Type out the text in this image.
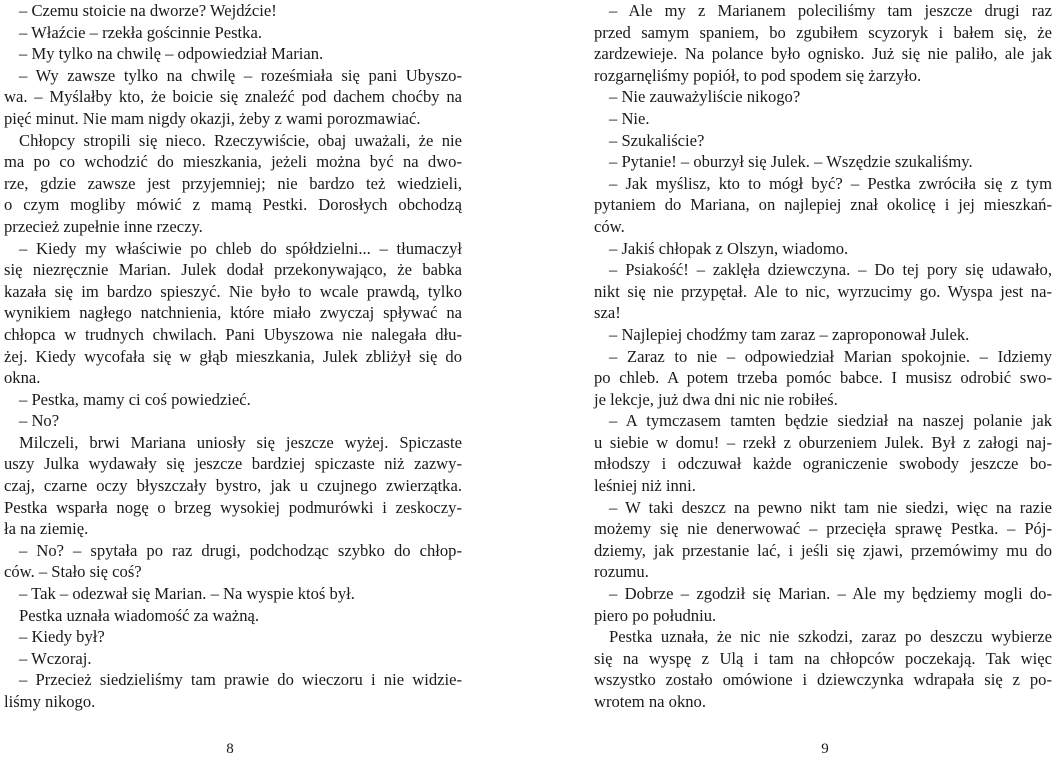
– Czemu stoicie na dworze? Wejdźcie!
– Właźcie – rzekła gościnnie Pestka.
– My tylko na chwilę – odpowiedział Marian.
– Wy zawsze tylko na chwilę – roześmiała się pani Ubyszo-
wa. – Myślałby kto, że boicie się znaleźć pod dachem choćby na
pięć minut. Nie mam nigdy okazji, żeby z wami porozmawiać.
Chłopcy stropili się nieco. Rzeczywiście, obaj uważali, że nie
ma po co wchodzić do mieszkania, jeżeli można być na dwo-
rze, gdzie zawsze jest przyjemniej; nie bardzo też wiedzieli,
o czym mogliby mówić z mamą Pestki. Dorosłych obchodzą
przecież zupełnie inne rzeczy.
– Kiedy my właściwie po chleb do spółdzielni... – tłumaczył
się niezręcznie Marian. Julek dodał przekonywająco, że babka
kazała się im bardzo spieszyć. Nie było to wcale prawdą, tylko
wynikiem nagłego natchnienia, które miało zwyczaj spływać na
chłopca w trudnych chwilach. Pani Ubyszowa nie nalegała dłu-
żej. Kiedy wycofała się w głąb mieszkania, Julek zbliżył się do
okna.
– Pestka, mamy ci coś powiedzieć.
– No?
Milczeli, brwi Mariana uniosły się jeszcze wyżej. Spiczaste
uszy Julka wydawały się jeszcze bardziej spiczaste niż zazwy-
czaj, czarne oczy błyszczały bystro, jak u czujnego zwierzątka.
Pestka wsparła nogę o brzeg wysokiej podmurówki i zeskoczy-
ła na ziemię.
– No? – spytała po raz drugi, podchodząc szybko do chłop-
ców. – Stało się coś?
– Tak – odezwał się Marian. – Na wyspie ktoś był.
Pestka uznała wiadomość za ważną.
– Kiedy był?
– Wczoraj.
– Przecież siedzieliśmy tam prawie do wieczoru i nie widzie-
liśmy nikogo.
8
– Ale my z Marianem poleciliśmy tam jeszcze drugi raz
przed samym spaniem, bo zgubiłem scyzoryk i bałem się, że
zardzewieje. Na polance było ognisko. Już się nie paliło, ale jak
rozgarnęliśmy popiół, to pod spodem się żarzyło.
– Nie zauważyliście nikogo?
– Nie.
– Szukaliście?
– Pytanie! – oburzył się Julek. – Wszędzie szukaliśmy.
– Jak myślisz, kto to mógł być? – Pestka zwróciła się z tym
pytaniem do Mariana, on najlepiej znał okolicę i jej mieszkań-
ców.
– Jakiś chłopak z Olszyn, wiadomo.
– Psiakość! – zaklęła dziewczyna. – Do tej pory się udawało,
nikt się nie przypętał. Ale to nic, wyrzucimy go. Wyspa jest na-
sza!
– Najlepiej chodźmy tam zaraz – zaproponował Julek.
– Zaraz to nie – odpowiedział Marian spokojnie. – Idziemy
po chleb. A potem trzeba pomóc babce. I musisz odrobić swo-
je lekcje, już dwa dni nic nie robiłeś.
– A tymczasem tamten będzie siedział na naszej polanie jak
u siebie w domu! – rzekł z oburzeniem Julek. Był z załogi naj-
młodszy i odczuwał każde ograniczenie swobody jeszcze bo-
leśniej niż inni.
– W taki deszcz na pewno nikt tam nie siedzi, więc na razie
możemy się nie denerwować – przecięła sprawę Pestka. – Pój-
dziemy, jak przestanie lać, i jeśli się zjawi, przemówimy mu do
rozumu.
– Dobrze – zgodził się Marian. – Ale my będziemy mogli do-
piero po południu.
Pestka uznała, że nic nie szkodzi, zaraz po deszczu wybierze
się na wyspę z Ulą i tam na chłopców poczekają. Tak więc
wszystko zostało omówione i dziewczynka wdrapała się z po-
wrotem na okno.
9
